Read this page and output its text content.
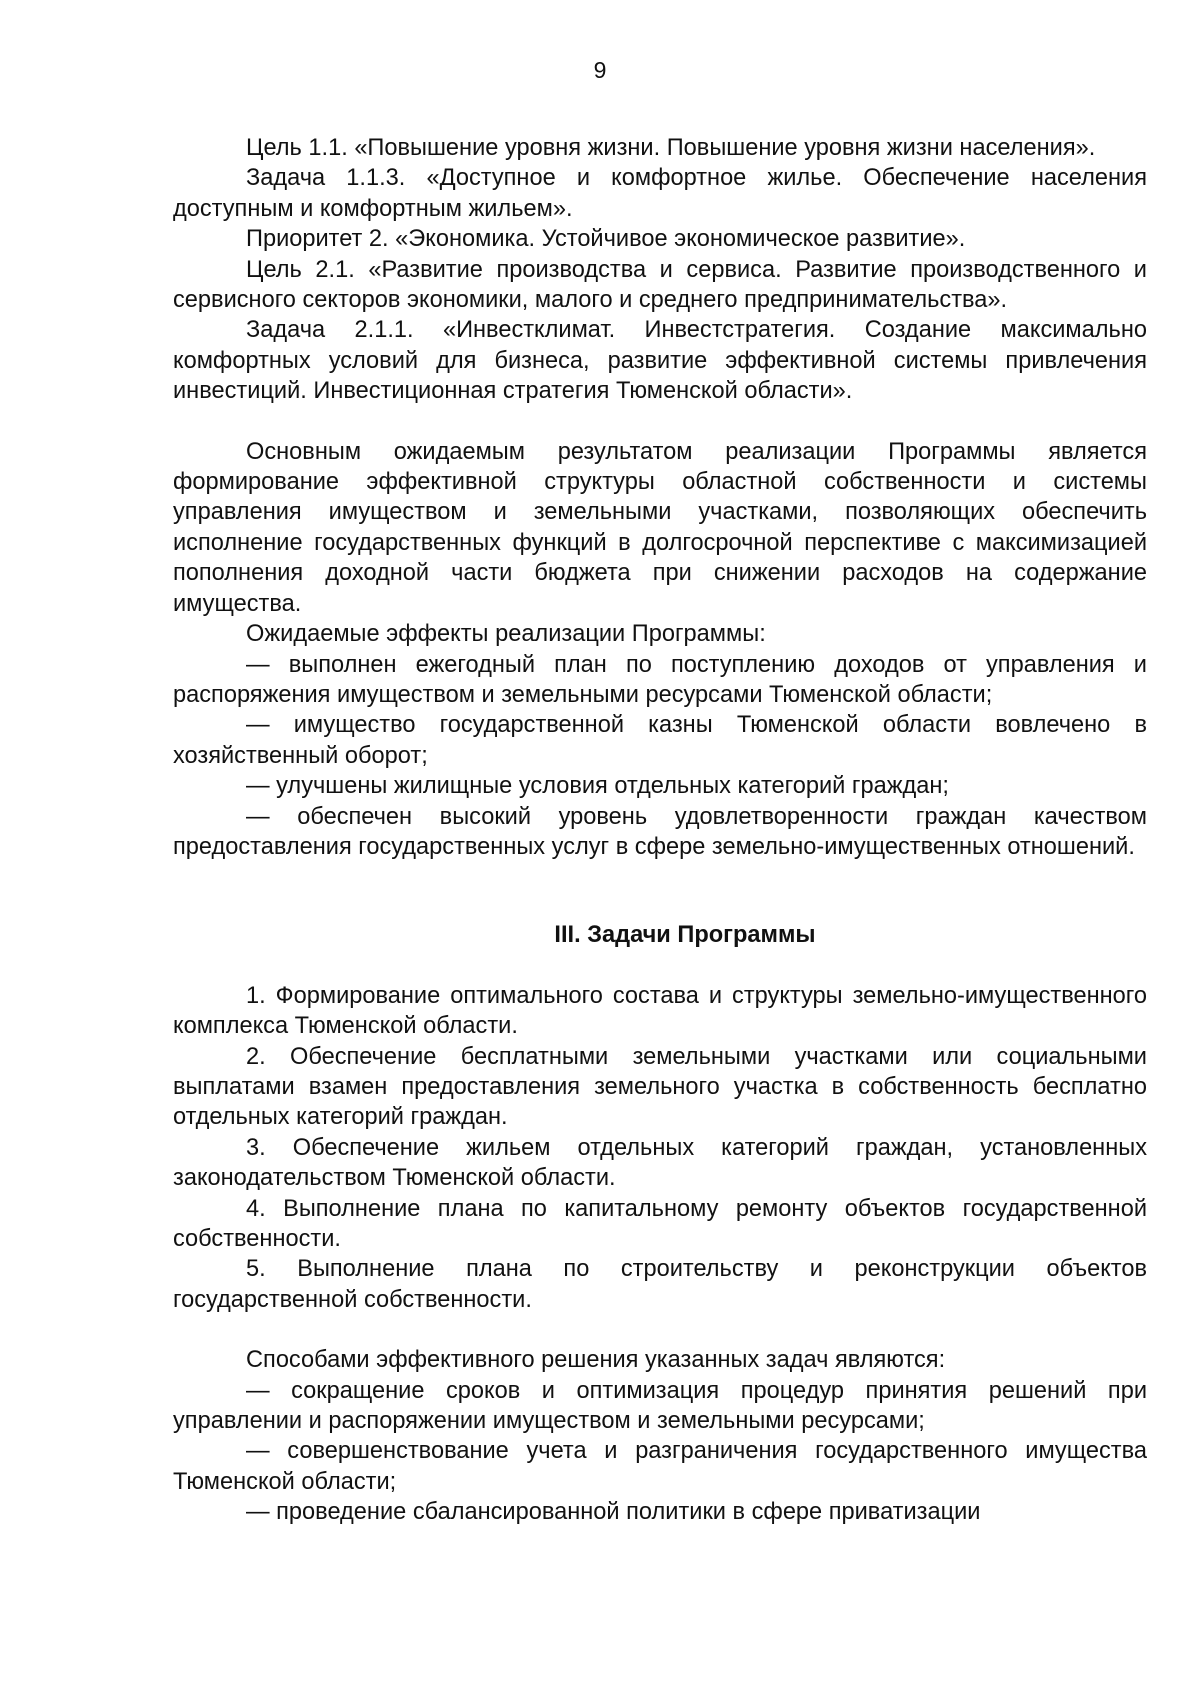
9

Цель 1.1. «Повышение уровня жизни. Повышение уровня жизни населения».

Задача 1.1.3. «Доступное и комфортное жилье. Обеспечение населения доступным и комфортным жильем».

Приоритет 2. «Экономика. Устойчивое экономическое развитие».

Цель 2.1. «Развитие производства и сервиса. Развитие производственного и сервисного секторов экономики, малого и среднего предпринимательства».

Задача 2.1.1. «Инвестклимат. Инвестстратегия. Создание максимально комфортных условий для бизнеса, развитие эффективной системы привлечения инвестиций. Инвестиционная стратегия Тюменской области».

Основным ожидаемым результатом реализации Программы является формирование эффективной структуры областной собственности и системы управления имуществом и земельными участками, позволяющих обеспечить исполнение государственных функций в долгосрочной перспективе с максимизацией пополнения доходной части бюджета при снижении расходов на содержание имущества.

Ожидаемые эффекты реализации Программы:

— выполнен ежегодный план по поступлению доходов от управления и распоряжения имуществом и земельными ресурсами Тюменской области;

— имущество государственной казны Тюменской области вовлечено в хозяйственный оборот;

— улучшены жилищные условия отдельных категорий граждан;

— обеспечен высокий уровень удовлетворенности граждан качеством предоставления государственных услуг в сфере земельно-имущественных отношений.

III. Задачи Программы

1. Формирование оптимального состава и структуры земельно-имущественного комплекса Тюменской области.

2. Обеспечение бесплатными земельными участками или социальными выплатами взамен предоставления земельного участка в собственность бесплатно отдельных категорий граждан.

3. Обеспечение жильем отдельных категорий граждан, установленных законодательством Тюменской области.

4. Выполнение плана по капитальному ремонту объектов государственной собственности.

5. Выполнение плана по строительству и реконструкции объектов государственной собственности.

Способами эффективного решения указанных задач являются:

— сокращение сроков и оптимизация процедур принятия решений при управлении и распоряжении имуществом и земельными ресурсами;

— совершенствование учета и разграничения государственного имущества Тюменской области;

— проведение сбалансированной политики в сфере приватизации
